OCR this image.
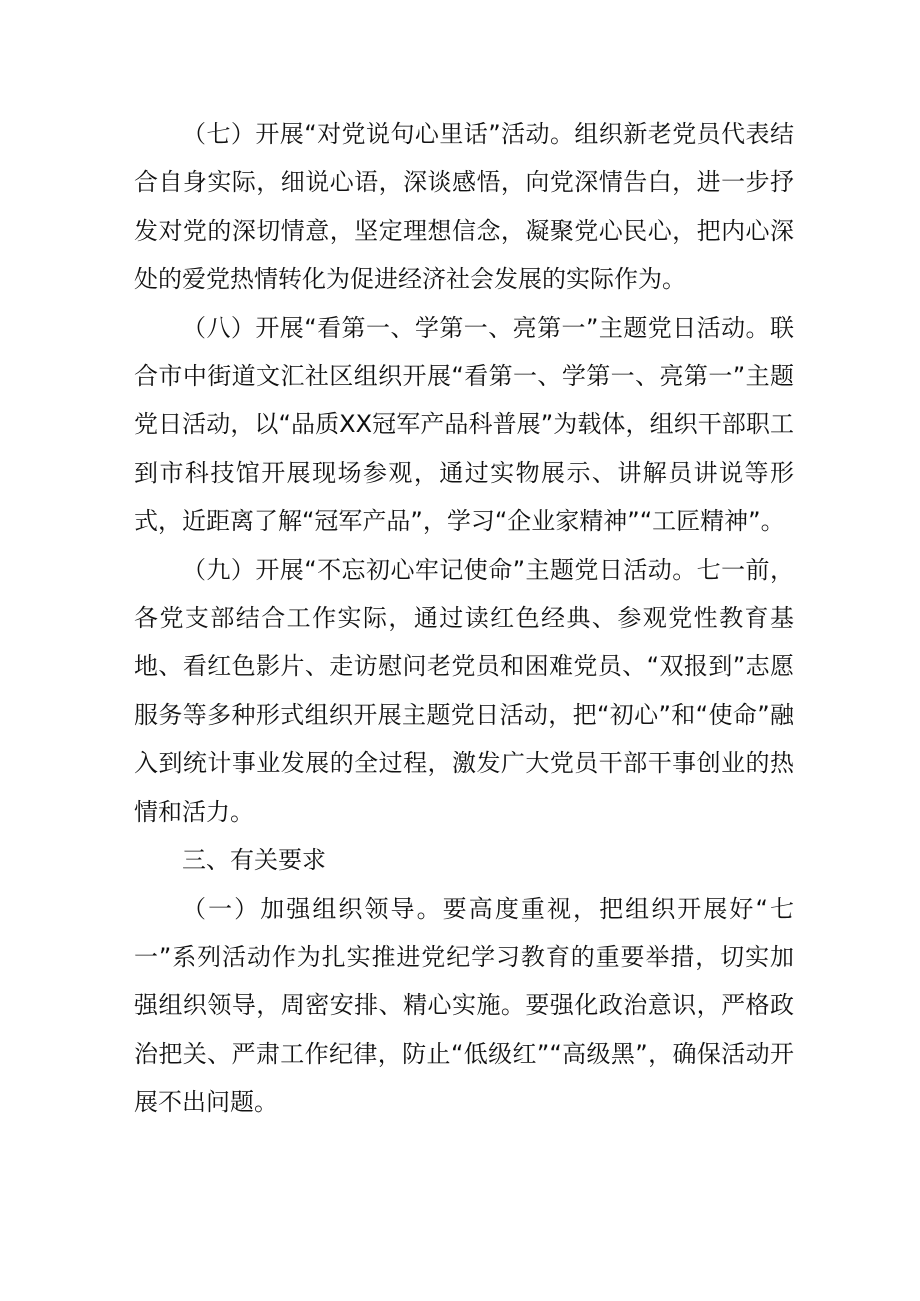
（七）开展“对党说句心里话”活动。组织新老党员代表结合自身实际，细说心语，深谈感悟，向党深情告白，进一步抒发对党的深切情意，坚定理想信念，凝聚党心民心，把内心深处的爱党热情转化为促进经济社会发展的实际作为。

（八）开展“看第一、学第一、亮第一”主题党日活动。联合市中街道文汇社区组织开展“看第一、学第一、亮第一”主题党日活动，以“品质XX冠军产品科普展”为载体，组织干部职工到市科技馆开展现场参观，通过实物展示、讲解员讲说等形式，近距离了解“冠军产品”，学习“企业家精神”“工匠精神”。

（九）开展“不忘初心牢记使命”主题党日活动。七一前，各党支部结合工作实际，通过读红色经典、参观党性教育基地、看红色影片、走访慰问老党员和困难党员、“双报到”志愿服务等多种形式组织开展主题党日活动，把“初心”和“使命”融入到统计事业发展的全过程，激发广大党员干部干事创业的热情和活力。

三、有关要求

（一）加强组织领导。要高度重视，把组织开展好“七一”系列活动作为扎实推进党纪学习教育的重要举措，切实加强组织领导，周密安排、精心实施。要强化政治意识，严格政治把关、严肃工作纪律，防止“低级红”“高级黑”，确保活动开展不出问题。
